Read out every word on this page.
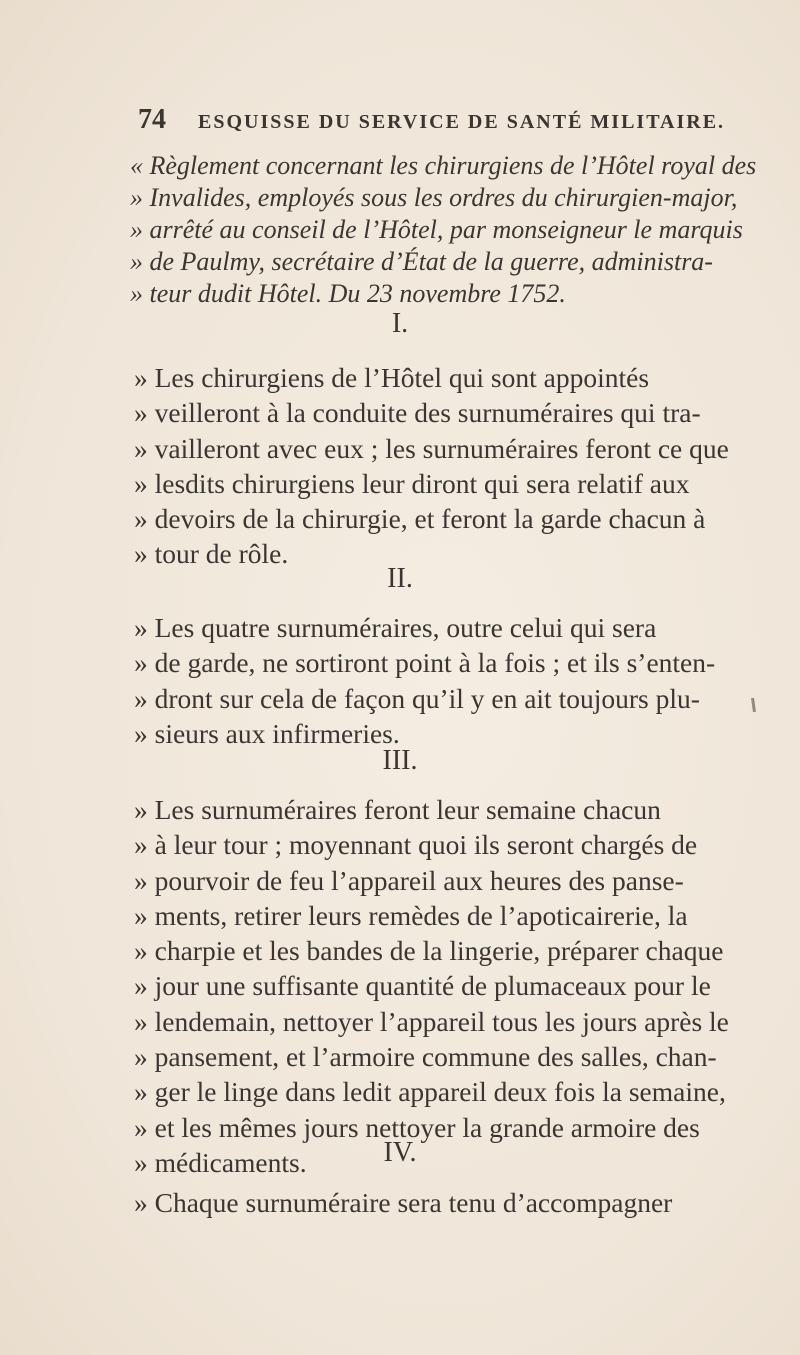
74 ESQUISSE DU SERVICE DE SANTÉ MILITAIRE.
« Règlement concernant les chirurgiens de l’Hôtel royal des
» Invalides, employés sous les ordres du chirurgien-major,
» arrêté au conseil de l’Hôtel, par monseigneur le marquis
» de Paulmy, secrétaire d’État de la guerre, administra-
» teur dudit Hôtel. Du 23 novembre 1752.
I.
» Les chirurgiens de l’Hôtel qui sont appointés
» veilleront à la conduite des surnuméraires qui tra-
» vailleront avec eux ; les surnuméraires feront ce que
» lesdits chirurgiens leur diront qui sera relatif aux
» devoirs de la chirurgie, et feront la garde chacun à
» tour de rôle.
II.
» Les quatre surnuméraires, outre celui qui sera
» de garde, ne sortiront point à la fois ; et ils s’enten-
» dront sur cela de façon qu’il y en ait toujours plu-
» sieurs aux infirmeries.
III.
» Les surnuméraires feront leur semaine chacun
» à leur tour ; moyennant quoi ils seront chargés de
» pourvoir de feu l’appareil aux heures des panse-
» ments, retirer leurs remèdes de l’apoticairerie, la
» charpie et les bandes de la lingerie, préparer chaque
» jour une suffisante quantité de plumaceaux pour le
» lendemain, nettoyer l’appareil tous les jours après le
» pansement, et l’armoire commune des salles, chan-
» ger le linge dans ledit appareil deux fois la semaine,
» et les mêmes jours nettoyer la grande armoire des
» médicaments.	IV.
» Chaque surnuméraire sera tenu d’accompagner
